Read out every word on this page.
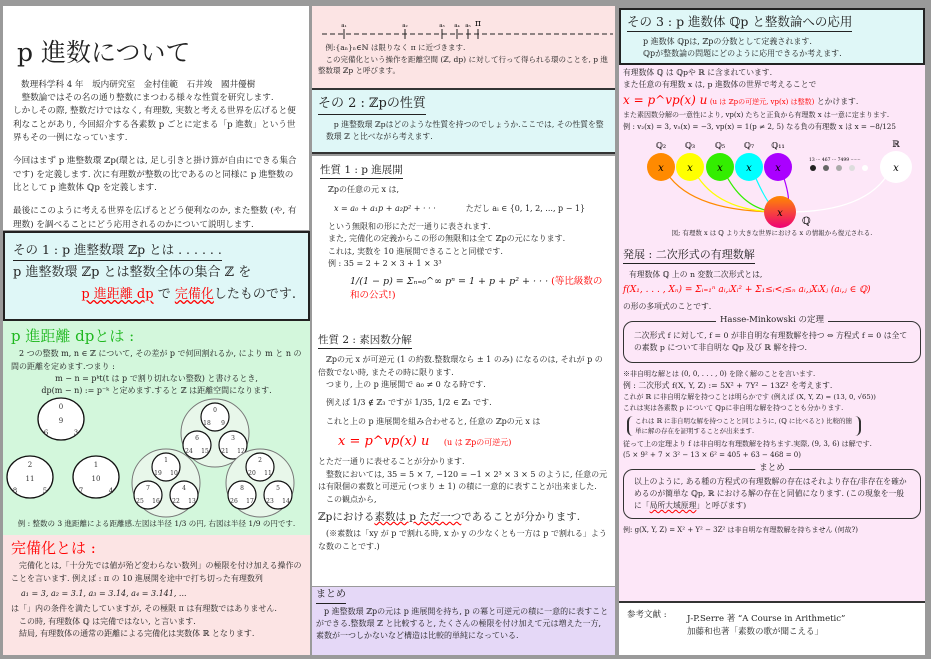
p 進数について

数理科学科 4 年　坂内研究室　金村佳範　石井竣　國井優樹

整数論ではその名の通り整数にまつわる様々な性質を研究します.

しかしその際, 整数だけではなく, 有理数, 実数と考える世界を広げると便利なことがあり, 今回紹介する各素数 p ごとに定まる「p 進数」という世界もその一例になっています.

今回はまず p 進整数環 ℤp(環とは, 足し引きと掛け算が自由にできる集合です) を定義します. 次に有理数が整数の比であるのと同様に p 進整数の比として p 進数体 ℚp を定義します.

最後にこのように考える世界を広げるとどう便利なのか, また整数 (や, 有理数) を調べることにどう応用されるのかについて説明します.

その 1 : p 進整数環 ℤp とは . . . . . .

p 進整数環 ℤp とは整数全体の集合 ℤ を

p 進距離 dp で 完備化したものです.

p 進距離 dpとは :

2 つの整数 m, n ∈ ℤ について, その差が p で何回割れるか, により m と n の間の距離を定めます.つまり :

m − n = pᵏt(t は p で割り切れない整数) と書けるとき,

dp(m − n) := p⁻ᵏ と定めます.すると ℤ は距離空間になります.

0
9
6	3
2
11
8	5
1
10
7	4
0
18 9
6
24 15
3
21 12
1
19 10
7
25 16
4
22 13
2
20 11
8
26 17
5
23 14

例 : 整数の 3 進距離による距離感.左図は半径 1/3 の円, 右図は半径 1/9 の円です.

完備化とは :

完備化とは,「十分先では値が殆ど変わらない数列」の極限を付け加える操作のことを言います. 例えば : π の 10 進展開を途中で打ち切った有理数列

a₁ = 3, a₂ = 3.1, a₃ = 3.14, a₄ = 3.141, ...

は「」内の条件を満たしていますが, その極限 π は有理数ではありません.

この時, 有理数体 ℚ は完備ではない, と言います.

結局, 有理数体の通常の距離による完備化は実数体 ℝ となります.

a₁	a₂	a₃ a₄ a₅ π

例:{aₙ}ₙ∈ℕ は限りなく π に近づきます.

この完備化という操作を距離空間 (ℤ, dp) に対して行って得られる環のことを, p 進整数環 ℤp と呼びます。

その 2 : ℤpの性質

p 進整数環 ℤpはどのような性質を持つのでしょうか.ここでは, その性質を整数環 ℤ と比べながら考えます.

性質 1 : p 進展開

ℤpの任意の元 x は,

x = a₀ + a₁p + a₂p² + · · ·	ただし aᵢ ∈ {0, 1, 2, ..., p − 1}

という無限和の形にただ一通りに表されます.

また, 完備化の定義からこの形の無限和は全て ℤpの元になります.

これは, 実数を 10 進展開できることと同様です.

例 : 35 = 2 + 2 × 3 + 1 × 3³

1/(1 − p) = Σₙ₌₀^∞ pⁿ = 1 + p + p² + · · · (等比級数の和の公式!)

性質 2 : 素因数分解

ℤpの元 x が可逆元 (1 の約数.整数環なら ± 1 のみ) になるのは, それが p の倍数でない時, またその時に限ります.

つまり, 上の p 進展開で a₀ ≠ 0 なる時です.

例えば 1/3 ∉ ℤ₃ ですが 1/35, 1/2 ∈ ℤ₃ です.

これと上の p 進展開を組み合わせると, 任意の ℤpの元 x は

x = p^vp(x) u (u は ℤpの可逆元)

とただ一通りに表せることが分かります.

整数においては, 35 = 5 × 7, −120 = −1 × 2³ × 3 × 5 のように, 任意の元は有限個の素数と可逆元 (つまり ± 1) の積に一意的に表すことが出来ました.

この観点から,

ℤpにおける素数は p ただ一つであることが分かります.

(※素数は「xy が p で割れる時, x か y の少なくとも一方は p で割れる」ような数のことです.)

まとめ

p 進整数環 ℤpの元は p 進展開を持ち, p の冪と可逆元の積に一意的に表すことができる.整数環 ℤ と比較すると, たくさんの極限を付け加えて元は増えた一方, 素数が一つしかないなど構造は比較的単純になっている.

その 3 : p 進数体 ℚp と整数論への応用

p 進数体 ℚpは, ℤpの分数として定義されます.

ℚpが整数論の問題にどのように応用できるか考えます.

有理数体 ℚ は ℚpや ℝ に含まれています.

また任意の有理数 x は, p 進数体の世界で考えることで

x = p^vp(x) u (u は ℤpの可逆元, vp(x) は整数) とかけます.

また素因数分解の一意性により, vp(x) たちと正負から有理数 x は一意に定まります.

例 : v₂(x) = 3, v₅(x) = −3, vp(x) = 1(p ≠ 2, 5) なる負の有理数 x は x = −8/125

x
ℚ₂
x
ℚ₃
x
ℚ₅
x
ℚ₇
x
ℚ₁₁
13 ··· 467 ··· 7499 ·······
x
ℝ
x
ℚ

図; 有理数 x は ℚ より大きな世界における x の情報から復元される.

発展 : 二次形式の有理数解

有理数体 ℚ 上の n 変数二次形式とは,

f(X₁, . . . , Xₙ) = Σᵢ₌₁ⁿ aᵢ,ᵢXᵢ² + Σ₁≤ᵢ<ⱼ≤ₙ aᵢ,ⱼXᵢXⱼ (aᵢ,ⱼ ∈ ℚ)

の形の多項式のことです.

Hasse-Minkowski の定理

二次形式 f に対して, f = 0 が非自明な有理数解を持つ ⇔ 方程式 f = 0 は全ての素数 p について非自明な ℚp 及び ℝ 解を持つ.

※非自明な解とは (0, 0, . . . , 0) を除く解のことを言います.

例 : 二次形式 f(X, Y, Z) := 5X² + 7Y² − 13Z² を考えます.

これが ℝ に非自明な解を持つことは明らかです (例えば (X, Y, Z) = (13, 0, √65))

これは実は各素数 p について ℚpに非自明な解を持つことも分かります.

これは ℝ に非自明な解を持つことと同じように, (ℚ に比べると) 比較的簡単に解の存在を証明することが出来ます.

従って上の定理より f は非自明な有理数解を持ちます.実際, (9, 3, 6) は解です.

(5 × 9² + 7 × 3² − 13 × 6² = 405 + 63 − 468 = 0)

まとめ

以上のように, ある種の方程式の有理数解の存在はそれより存在/非存在を確かめるのが簡単な ℚp, ℝ における解の存在と同値になります. (この現象を一般に「局所大域原理」と呼びます)

例: g(X, Y, Z) = X² + Y² − 3Z² は非自明な有理数解を持ちません (何故?)

参考文献 : J-P.Serre 著 “A Course in Arithmetic”

加藤和也著「素数の歌が聞こえる」
